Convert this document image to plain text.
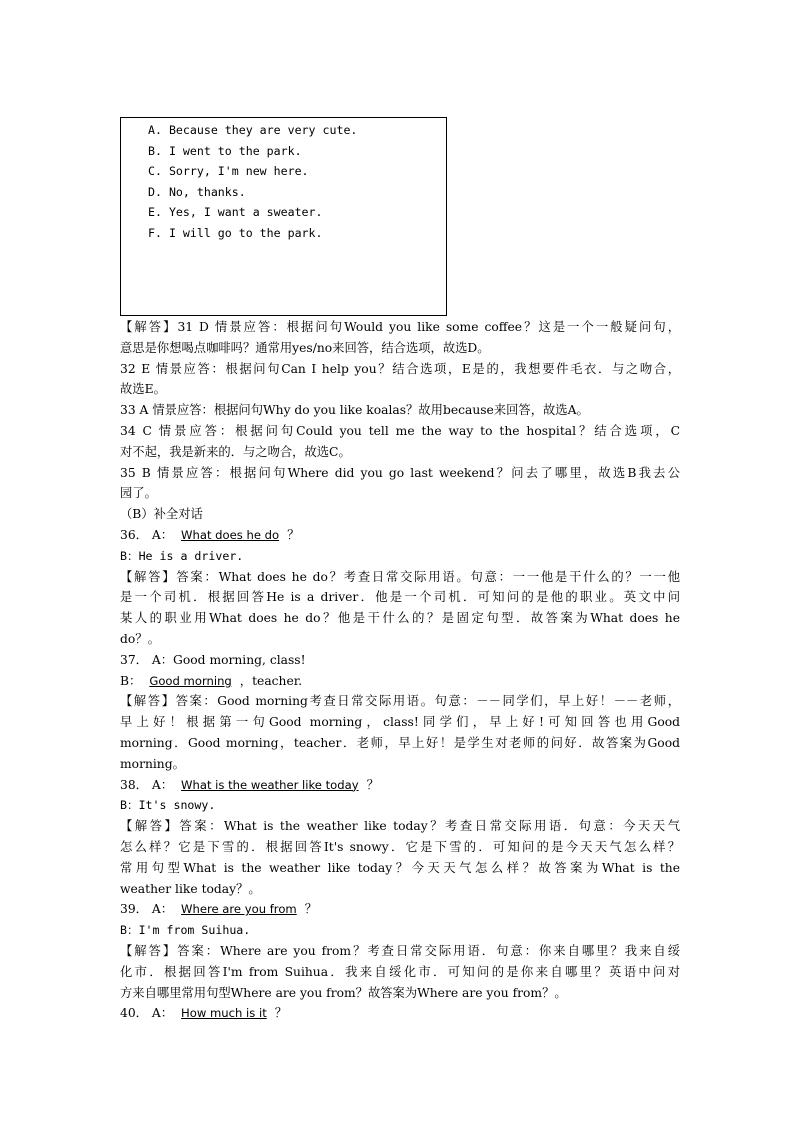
A. Because they are very cute.
B. I went to the park.
C. Sorry, I'm new here.
D. No, thanks.
E. Yes, I want a sweater.
F. I will go to the park.
【解答】31 D 情景应答：根据问句Would you like some coffee？这是一个一般疑问句，
意思是你想喝点咖啡吗？通常用yes/no来回答，结合选项，故选D。
32 E 情景应答：根据问句Can I help you？结合选项，E是的，我想要件毛衣．与之吻合，
故选E。
33 A 情景应答：根据问句Why do you like koalas？故用because来回答，故选A。
34 C 情景应答：根据问句Could you tell me the way to the hospital？结合选项，C
对不起，我是新来的．与之吻合，故选C。
35 B 情景应答：根据问句Where did you go last weekend？问去了哪里，故选B我去公
园了。
（B）补全对话
36． A： What does he do ？
B：He is a driver.
【解答】答案：What does he do？考查日常交际用语。句意：一一他是干什么的？一一他
是一个司机．根据回答He is a driver．他是一个司机．可知问的是他的职业。英文中问
某人的职业用What does he do？他是干什么的？是固定句型．故答案为What does he
do？。
37． A：Good morning, class!
B： Good morning ，teacher.
【解答】答案：Good morning考查日常交际用语。句意：－－同学们，早上好！－－老师，
早上好！根据第一句Good morning，class!同学们，早上好!可知回答也用Good
morning．Good morning，teacher．老师，早上好！是学生对老师的问好．故答案为Good
morning。
38． A： What is the weather like today ？
B：It's snowy.
【解答】答案：What is the weather like today？考查日常交际用语．句意：今天天气
怎么样？它是下雪的．根据回答It's snowy．它是下雪的．可知问的是今天天气怎么样？
常用句型What is the weather like today？今天天气怎么样？故答案为What is the
weather like today？。
39． A： Where are you from ？
B：I'm from Suihua.
【解答】答案：Where are you from？考查日常交际用语．句意：你来自哪里？我来自绥
化市．根据回答I'm from Suihua．我来自绥化市．可知问的是你来自哪里？英语中问对
方来自哪里常用句型Where are you from？故答案为Where are you from？。
40． A： How much is it ？
